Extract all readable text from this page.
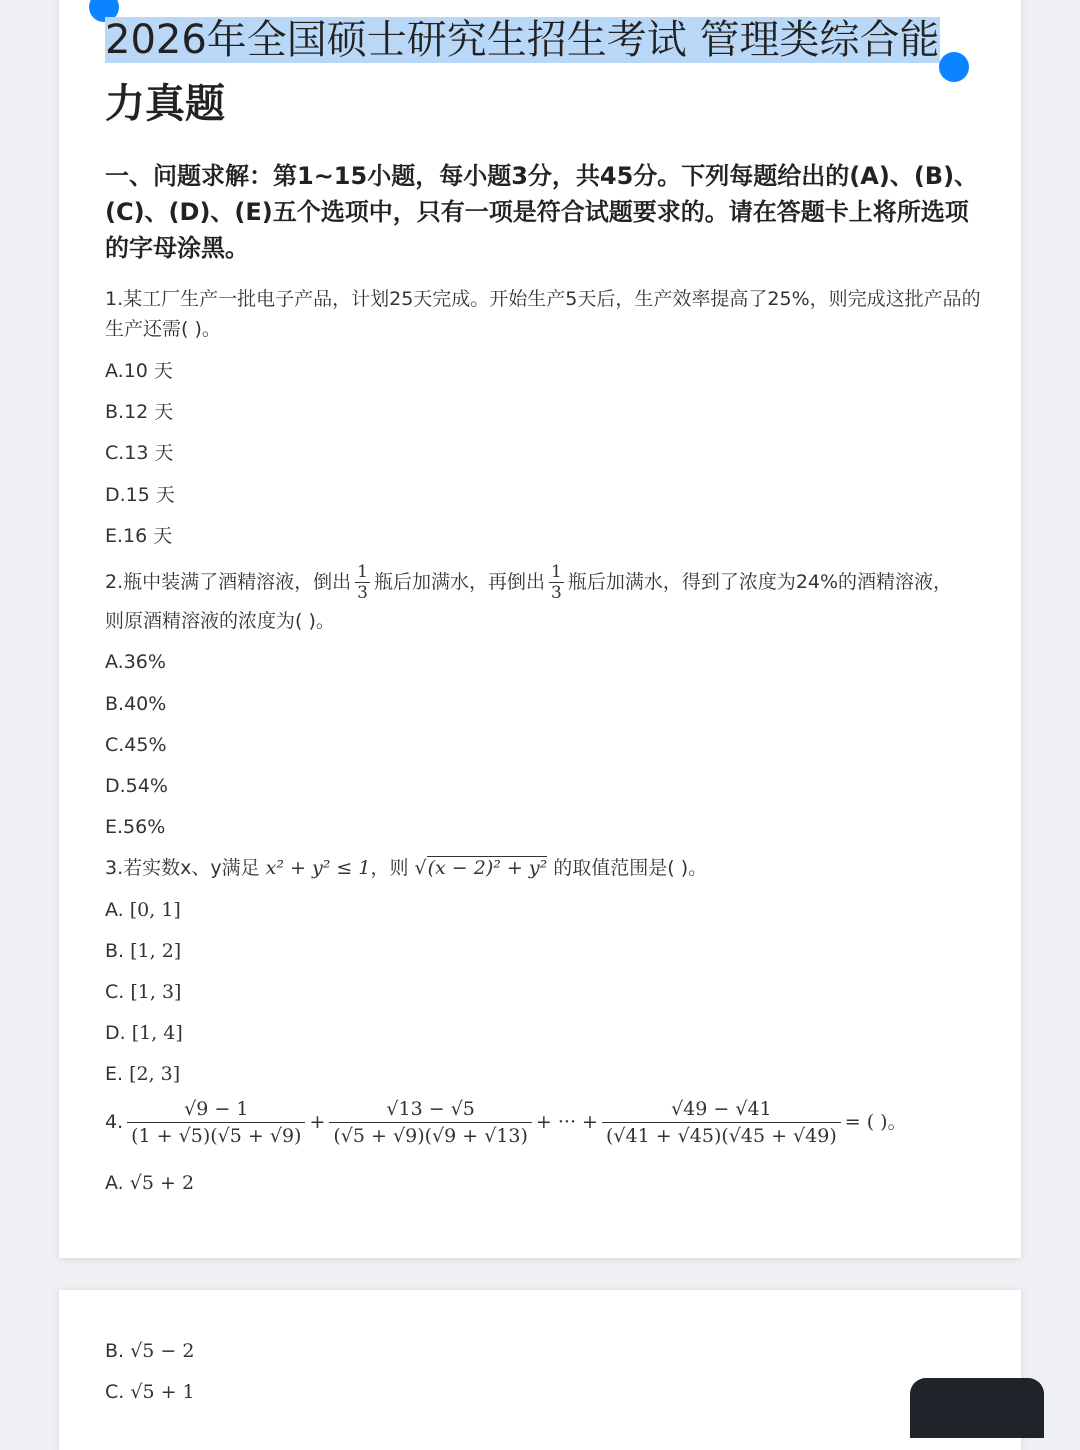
2026年全国硕士研究生招生考试 管理类综合能
力真题
一、问题求解：第1~15小题，每小题3分，共45分。下列每题给出的(A)、(B)、(C)、(D)、(E)五个选项中，只有一项是符合试题要求的。请在答题卡上将所选项的字母涂黑。
1.某工厂生产一批电子产品，计划25天完成。开始生产5天后，生产效率提高了25%，则完成这批产品的生产还需( )。
A.10 天
B.12 天
C.13 天
D.15 天
E.16 天
2.瓶中装满了酒精溶液，倒出 $\frac{1}{3}$ 瓶后加满水，再倒出 $\frac{1}{3}$ 瓶后加满水，得到了浓度为24%的酒精溶液，
则原酒精溶液的浓度为( )。
A.36%
B.40%
C.45%
D.54%
E.56%
3.若实数x、y满足 x² + y² ≤ 1，则 √(x − 2)² + y² 的取值范围是( )。
A. [0, 1]
B. [1, 2]
C. [1, 3]
D. [1, 4]
E. [2, 3]
4. $\frac{√9 - 1}{(1 + √5)(√5 + √9)} + \frac{√13 - √5}{(√5 + √9)(√9 + √13)}$ + ··· + $\frac{√49 - √41}{(√41 + √45)(√45 + √49)}$ = ( )。
A. √5 + 2
B. √5 − 2
C. √5 + 1
